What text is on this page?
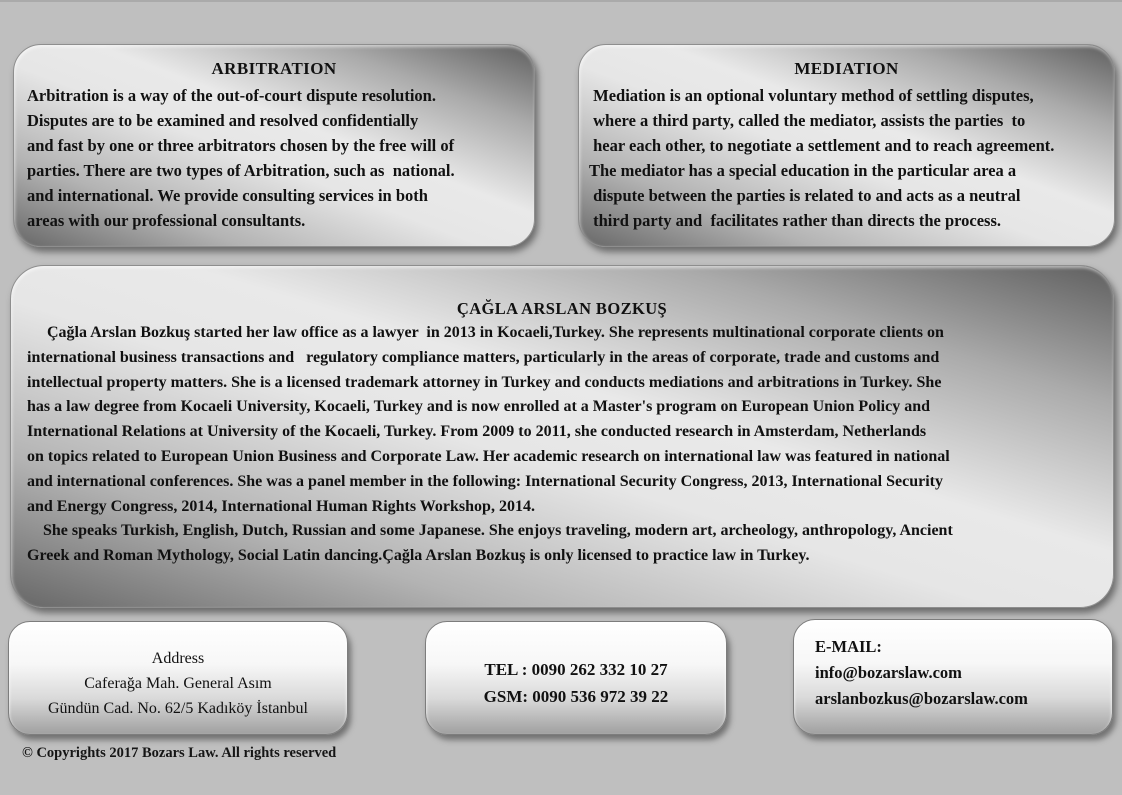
ARBITRATION
Arbitration is a way of the out-of-court dispute resolution.
Disputes are to be examined and resolved confidentially
and fast by one or three arbitrators chosen by the free will of
parties. There are two types of Arbitration, such as  national.
and international. We provide consulting services in both
areas with our professional consultants.
MEDIATION
Mediation is an optional voluntary method of settling disputes,
where a third party, called the mediator, assists the parties  to
hear each other, to negotiate a settlement and to reach agreement.
The mediator has a special education in the particular area a
dispute between the parties is related to and acts as a neutral
third party and  facilitates rather than directs the process.
ÇAĞLA ARSLAN BOZKUŞ
Çağla Arslan Bozkuş started her law office as a lawyer  in 2013 in Kocaeli,Turkey. She represents multinational corporate clients on
international business transactions and   regulatory compliance matters, particularly in the areas of corporate, trade and customs and
intellectual property matters. She is a licensed trademark attorney in Turkey and conducts mediations and arbitrations in Turkey. She
has a law degree from Kocaeli University, Kocaeli, Turkey and is now enrolled at a Master's program on European Union Policy and
International Relations at University of the Kocaeli, Turkey. From 2009 to 2011, she conducted research in Amsterdam, Netherlands
on topics related to European Union Business and Corporate Law. Her academic research on international law was featured in national
and international conferences. She was a panel member in the following: International Security Congress, 2013, International Security
and Energy Congress, 2014, International Human Rights Workshop, 2014.
She speaks Turkish, English, Dutch, Russian and some Japanese. She enjoys traveling, modern art, archeology, anthropology, Ancient
Greek and Roman Mythology, Social Latin dancing.Çağla Arslan Bozkuş is only licensed to practice law in Turkey.
Address
Caferağa Mah. General Asım
Gündün Cad. No. 62/5 Kadıköy İstanbul
TEL : 0090 262 332 10 27
GSM: 0090 536 972 39 22
E-MAIL:
info@bozarslaw.com
arslanbozkus@bozarslaw.com
© Copyrights 2017 Bozars Law. All rights reserved
